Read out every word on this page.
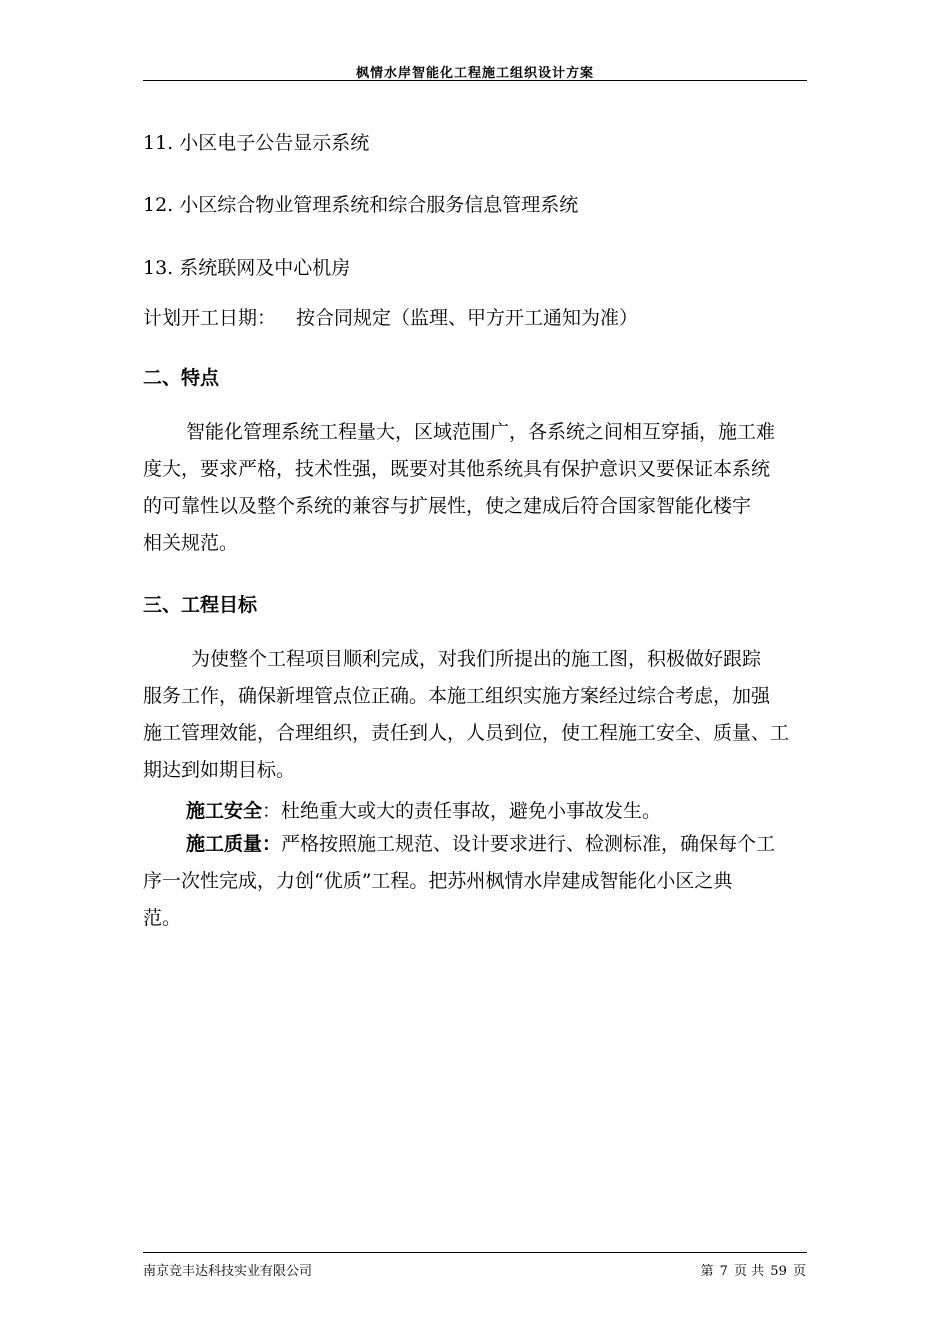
枫情水岸智能化工程施工组织设计方案
11. 小区电子公告显示系统
12. 小区综合物业管理系统和综合服务信息管理系统
13. 系统联网及中心机房
计划开工日期： 按合同规定（监理、甲方开工通知为准）
二、特点
智能化管理系统工程量大，区域范围广，各系统之间相互穿插，施工难
度大，要求严格，技术性强，既要对其他系统具有保护意识又要保证本系统
的可靠性以及整个系统的兼容与扩展性，使之建成后符合国家智能化楼宇
相关规范。
三、工程目标
为使整个工程项目顺利完成，对我们所提出的施工图，积极做好跟踪
服务工作，确保新埋管点位正确。本施工组织实施方案经过综合考虑，加强
施工管理效能，合理组织，责任到人，人员到位，使工程施工安全、质量、工
期达到如期目标。
施工安全：杜绝重大或大的责任事故，避免小事故发生。
施工质量：严格按照施工规范、设计要求进行、检测标准，确保每个工
序一次性完成，力创“优质”工程。把苏州枫情水岸建成智能化小区之典
范。
南京竞丰达科技实业有限公司	第 7 页 共 59 页
